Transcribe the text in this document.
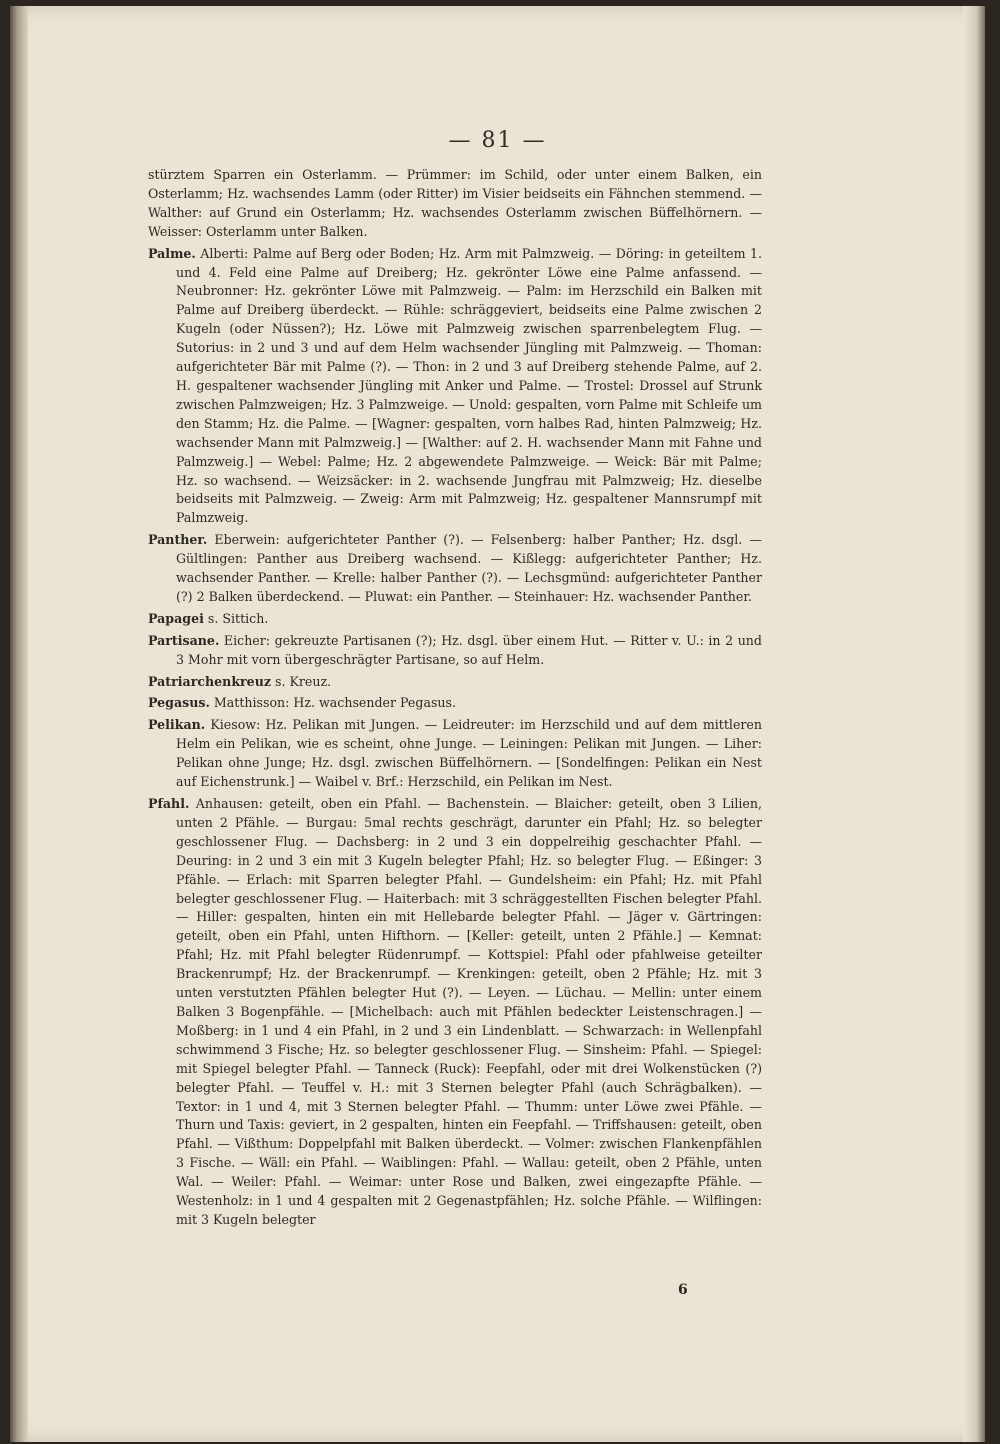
— 81 —

stürztem Sparren ein Osterlamm. — Prümmer: im Schild, oder unter einem Balken, ein Osterlamm; Hz. wachsendes Lamm (oder Ritter) im Visier beidseits ein Fähnchen stemmend. — Walther: auf Grund ein Osterlamm; Hz. wachsendes Osterlamm zwischen Büffelhörnern. — Weisser: Osterlamm unter Balken.

Palme. Alberti: Palme auf Berg oder Boden; Hz. Arm mit Palmzweig. — Döring: in geteiltem 1. und 4. Feld eine Palme auf Dreiberg; Hz. gekrönter Löwe eine Palme anfassend. — Neubronner: Hz. gekrönter Löwe mit Palmzweig. — Palm: im Herzschild ein Balken mit Palme auf Dreiberg überdeckt. — Rühle: schräggeviert, beidseits eine Palme zwischen 2 Kugeln (oder Nüssen?); Hz. Löwe mit Palmzweig zwischen sparrenbelegtem Flug. — Sutorius: in 2 und 3 und auf dem Helm wachsender Jüngling mit Palmzweig. — Thoman: aufgerichteter Bär mit Palme (?). — Thon: in 2 und 3 auf Dreiberg stehende Palme, auf 2. H. gespaltener wachsender Jüngling mit Anker und Palme. — Trostel: Drossel auf Strunk zwischen Palmzweigen; Hz. 3 Palmzweige. — Unold: gespalten, vorn Palme mit Schleife um den Stamm; Hz. die Palme. — [Wagner: gespalten, vorn halbes Rad, hinten Palmzweig; Hz. wachsender Mann mit Palmzweig.] — [Walther: auf 2. H. wachsender Mann mit Fahne und Palmzweig.] — Webel: Palme; Hz. 2 abgewendete Palmzweige. — Weick: Bär mit Palme; Hz. so wachsend. — Weizsäcker: in 2. wachsende Jungfrau mit Palmzweig; Hz. dieselbe beidseits mit Palmzweig. — Zweig: Arm mit Palmzweig; Hz. gespaltener Mannsrumpf mit Palmzweig.

Panther. Eberwein: aufgerichteter Panther (?). — Felsenberg: halber Panther; Hz. dsgl. — Gültlingen: Panther aus Dreiberg wachsend. — Kißlegg: aufgerichteter Panther; Hz. wachsender Panther. — Krelle: halber Panther (?). — Lechsgmünd: aufgerichteter Panther (?) 2 Balken überdeckend. — Pluwat: ein Panther. — Steinhauer: Hz. wachsender Panther.

Papagei s. Sittich.

Partisane. Eicher: gekreuzte Partisanen (?); Hz. dsgl. über einem Hut. — Ritter v. U.: in 2 und 3 Mohr mit vorn übergeschrägter Partisane, so auf Helm.

Patriarchenkreuz s. Kreuz.

Pegasus. Matthisson: Hz. wachsender Pegasus.

Pelikan. Kiesow: Hz. Pelikan mit Jungen. — Leidreuter: im Herzschild und auf dem mittleren Helm ein Pelikan, wie es scheint, ohne Junge. — Leiningen: Pelikan mit Jungen. — Liher: Pelikan ohne Junge; Hz. dsgl. zwischen Büffelhörnern. — [Sondelfingen: Pelikan ein Nest auf Eichenstrunk.] — Waibel v. Brf.: Herzschild, ein Pelikan im Nest.

Pfahl. Anhausen: geteilt, oben ein Pfahl. — Bachenstein. — Blaicher: geteilt, oben 3 Lilien, unten 2 Pfähle. — Burgau: 5mal rechts geschrägt, darunter ein Pfahl; Hz. so belegter geschlossener Flug. — Dachsberg: in 2 und 3 ein doppelreihig geschachter Pfahl. — Deuring: in 2 und 3 ein mit 3 Kugeln belegter Pfahl; Hz. so belegter Flug. — Eßinger: 3 Pfähle. — Erlach: mit Sparren belegter Pfahl. — Gundelsheim: ein Pfahl; Hz. mit Pfahl belegter geschlossener Flug. — Haiterbach: mit 3 schräggestellten Fischen belegter Pfahl. — Hiller: gespalten, hinten ein mit Hellebarde belegter Pfahl. — Jäger v. Gärtringen: geteilt, oben ein Pfahl, unten Hifthorn. — [Keller: geteilt, unten 2 Pfähle.] — Kemnat: Pfahl; Hz. mit Pfahl belegter Rüdenrumpf. — Kottspiel: Pfahl oder pfahlweise geteilter Brackenrumpf; Hz. der Brackenrumpf. — Krenkingen: geteilt, oben 2 Pfähle; Hz. mit 3 unten verstutzten Pfählen belegter Hut (?). — Leyen. — Lüchau. — Mellin: unter einem Balken 3 Bogenpfähle. — [Michelbach: auch mit Pfählen bedeckter Leistenschragen.] — Moßberg: in 1 und 4 ein Pfahl, in 2 und 3 ein Lindenblatt. — Schwarzach: in Wellenpfahl schwimmend 3 Fische; Hz. so belegter geschlossener Flug. — Sinsheim: Pfahl. — Spiegel: mit Spiegel belegter Pfahl. — Tanneck (Ruck): Feepfahl, oder mit drei Wolkenstücken (?) belegter Pfahl. — Teuffel v. H.: mit 3 Sternen belegter Pfahl (auch Schrägbalken). — Textor: in 1 und 4, mit 3 Sternen belegter Pfahl. — Thumm: unter Löwe zwei Pfähle. — Thurn und Taxis: geviert, in 2 gespalten, hinten ein Feepfahl. — Triffshausen: geteilt, oben Pfahl. — Vißthum: Doppelpfahl mit Balken überdeckt. — Volmer: zwischen Flankenpfählen 3 Fische. — Wäll: ein Pfahl. — Waiblingen: Pfahl. — Wallau: geteilt, oben 2 Pfähle, unten Wal. — Weiler: Pfahl. — Weimar: unter Rose und Balken, zwei eingezapfte Pfähle. — Westenholz: in 1 und 4 gespalten mit 2 Gegenastpfählen; Hz. solche Pfähle. — Wilflingen: mit 3 Kugeln belegter

6
